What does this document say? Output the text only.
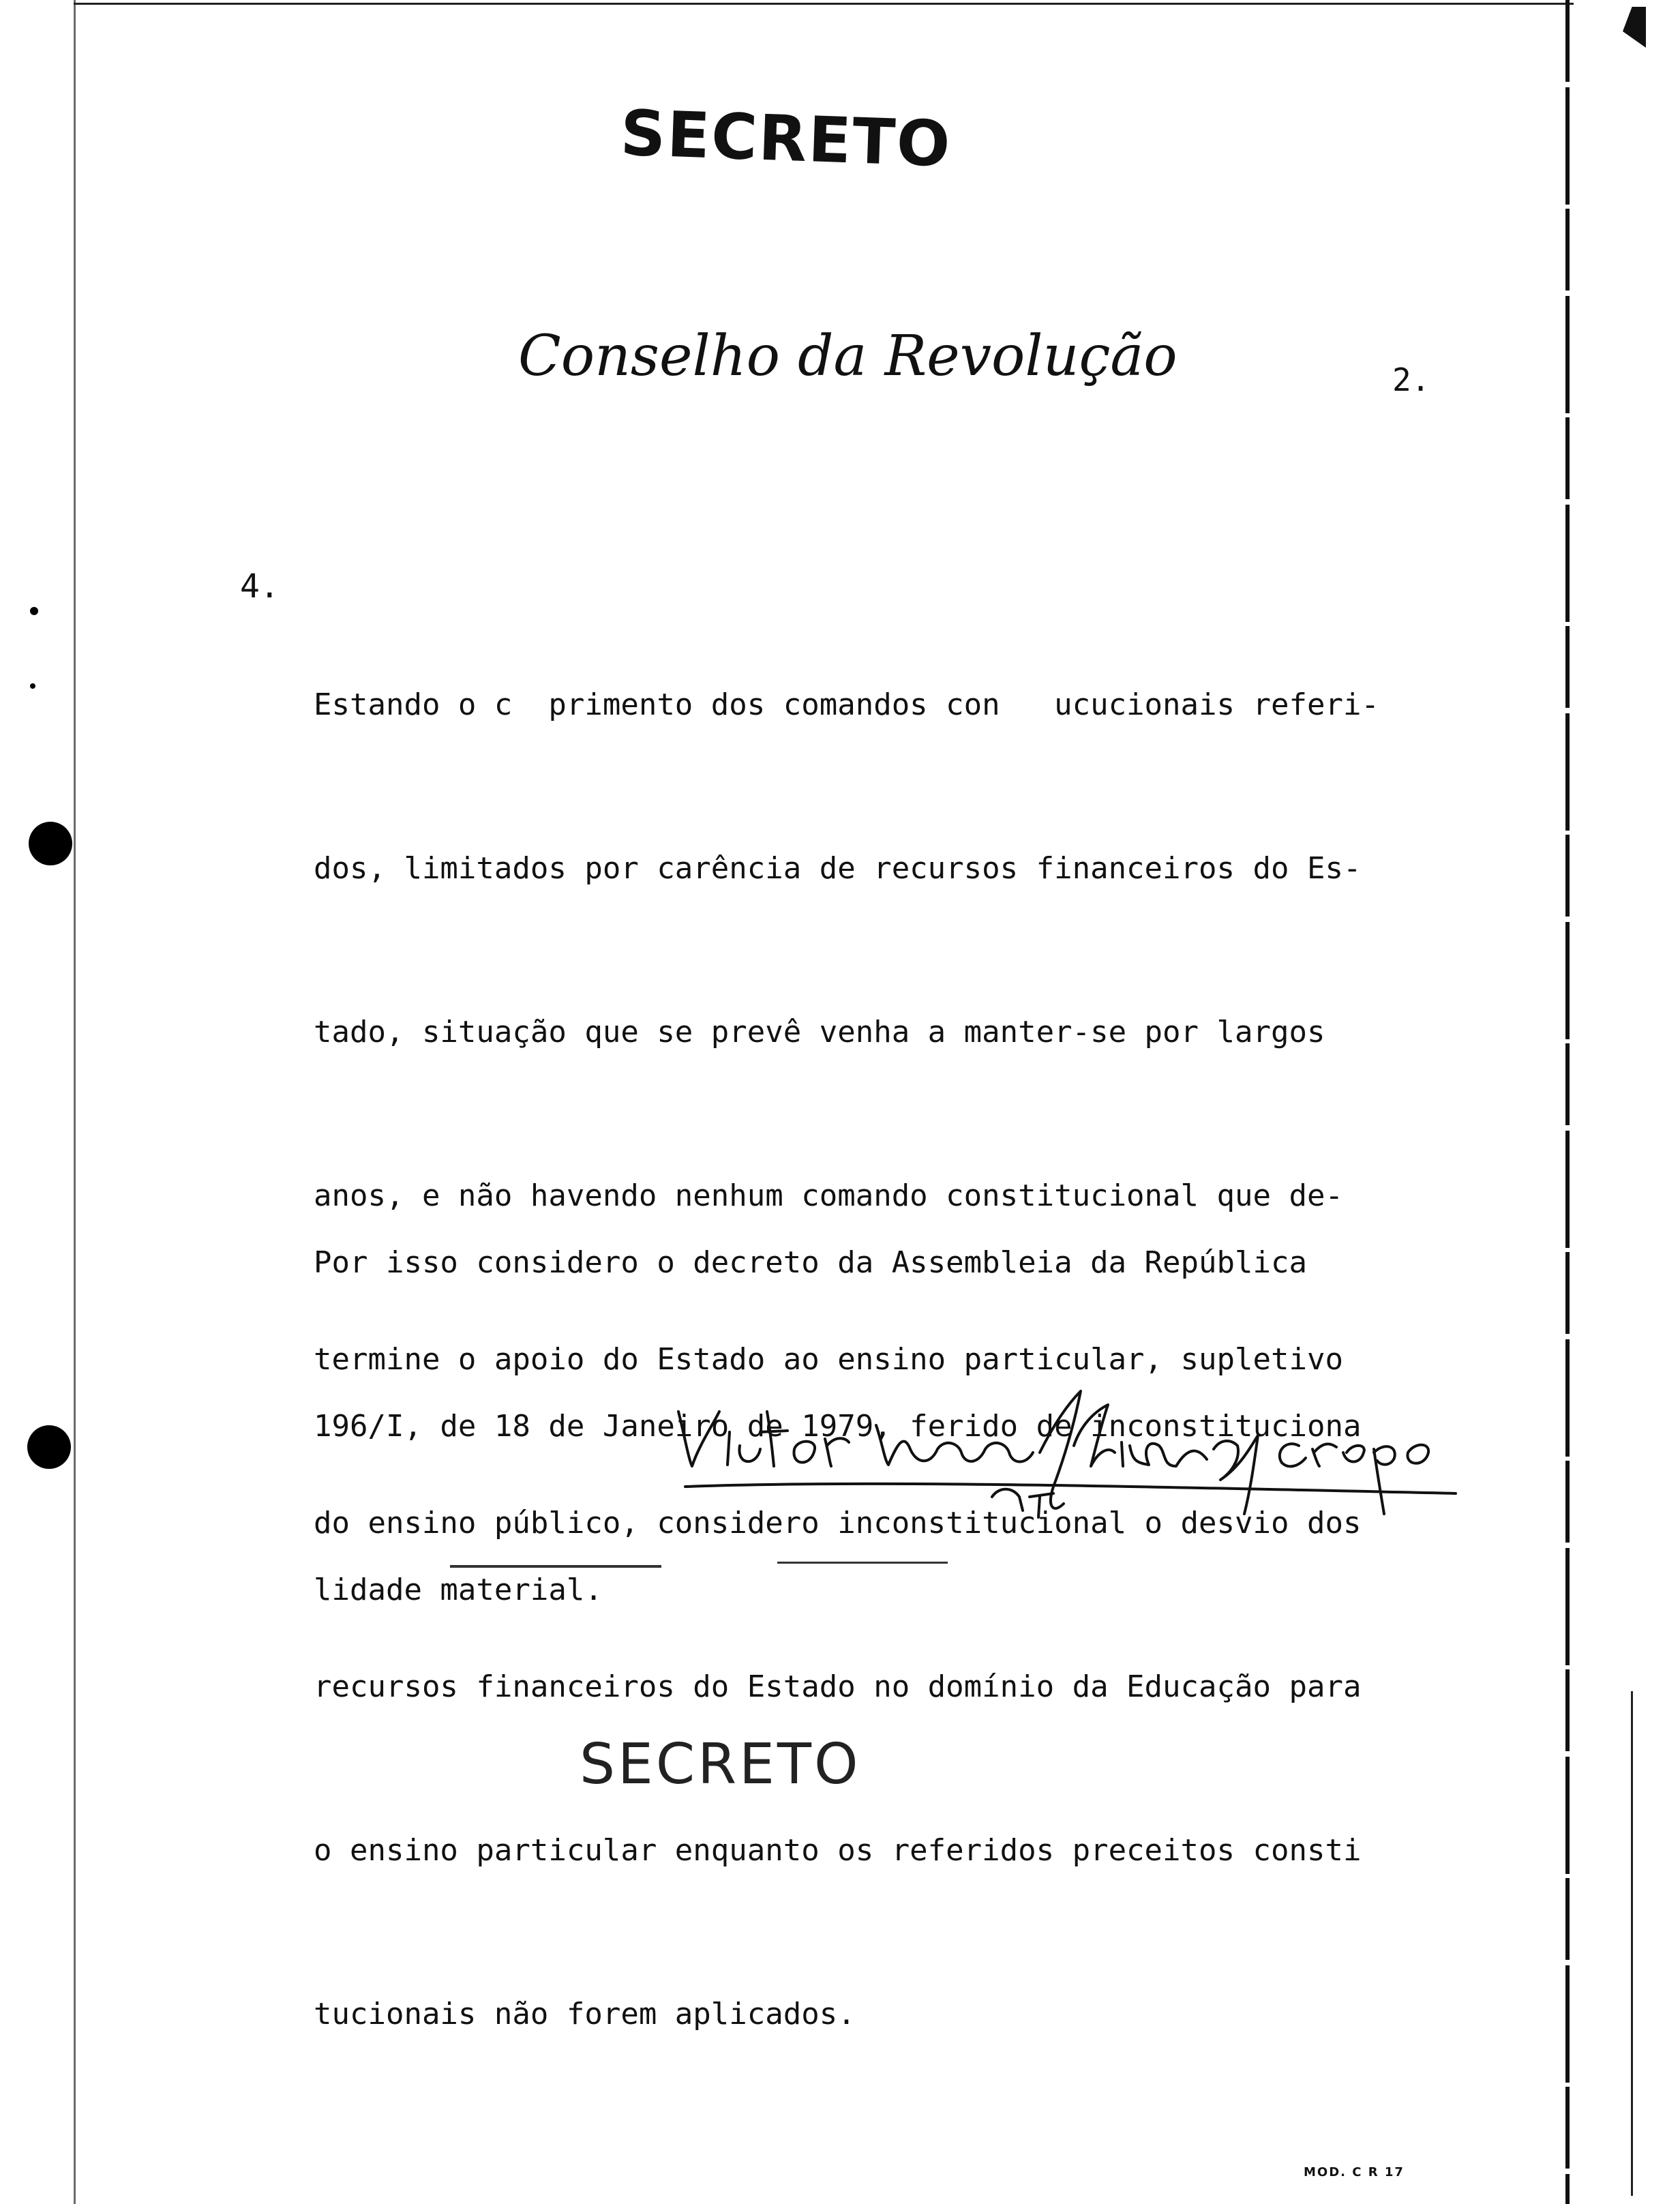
SECRETO
Conselho da Revolução	2.
4.

Estando o c  primento dos comandos con   ucucionais referi-

dos, limitados por carência de recursos financeiros do Es-

tado, situação que se prevê venha a manter-se por largos

anos, e não havendo nenhum comando constitucional que de-

termine o apoio do Estado ao ensino particular, supletivo

do ensino público, considero inconstitucional o desvio dos

recursos financeiros do Estado no domínio da Educação para

o ensino particular enquanto os referidos preceitos consti

tucionais não forem aplicados.

Por isso considero o decreto da Assembleia da República

196/I, de 18 de Janeiro de 1979, ferido de inconstituciona

lidade material.

SECRETO
MOD. C R 17
